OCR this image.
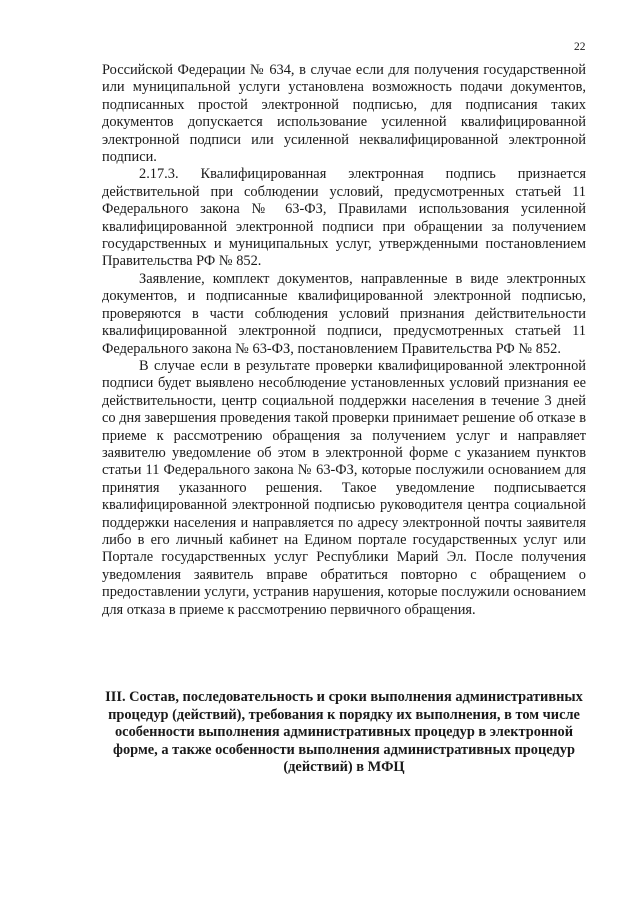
22

Российской Федерации № 634, в случае если для получения государственной или муниципальной услуги установлена возможность подачи документов, подписанных простой электронной подписью, для подписания таких документов допускается использование усиленной квалифицированной электронной подписи или усиленной неквалифицированной электронной подписи.

2.17.3. Квалифицированная электронная подпись признается действительной при соблюдении условий, предусмотренных статьей 11 Федерального закона № 63-ФЗ, Правилами использования усиленной квалифицированной электронной подписи при обращении за получением государственных и муниципальных услуг, утвержденными постановлением Правительства РФ № 852.

Заявление, комплект документов, направленные в виде электронных документов, и подписанные квалифицированной электронной подписью, проверяются в части соблюдения условий признания действительности квалифицированной электронной подписи, предусмотренных статьей 11 Федерального закона № 63-ФЗ, постановлением Правительства РФ № 852.

В случае если в результате проверки квалифицированной электронной подписи будет выявлено несоблюдение установленных условий признания ее действительности, центр социальной поддержки населения в течение 3 дней со дня завершения проведения такой проверки принимает решение об отказе в приеме к рассмотрению обращения за получением услуг и направляет заявителю уведомление об этом в электронной форме с указанием пунктов статьи 11 Федерального закона № 63-ФЗ, которые послужили основанием для принятия указанного решения. Такое уведомление подписывается квалифицированной электронной подписью руководителя центра социальной поддержки населения и направляется по адресу электронной почты заявителя либо в его личный кабинет на Едином портале государственных услуг или Портале государственных услуг Республики Марий Эл. После получения уведомления заявитель вправе обратиться повторно с обращением о предоставлении услуги, устранив нарушения, которые послужили основанием для отказа в приеме к рассмотрению первичного обращения.

III. Состав, последовательность и сроки выполнения административных процедур (действий), требования к порядку их выполнения, в том числе особенности выполнения административных процедур в электронной форме, а также особенности выполнения административных процедур (действий) в МФЦ
